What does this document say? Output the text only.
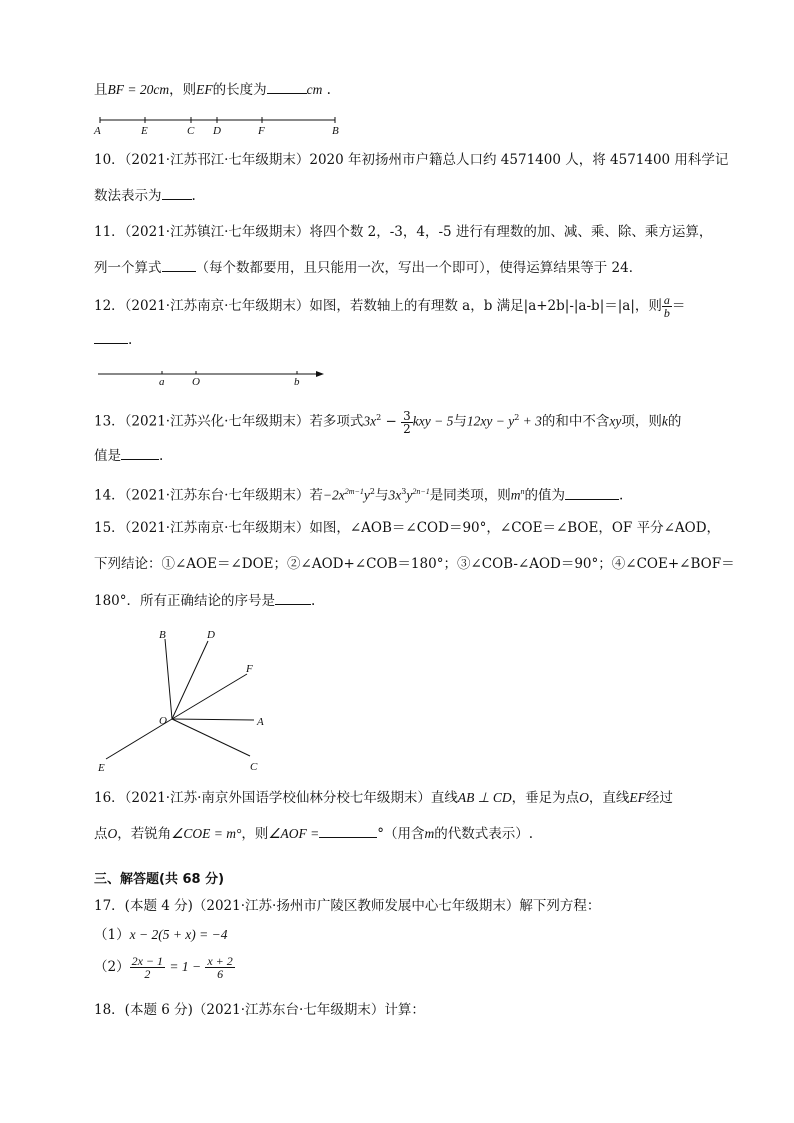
且BF = 20cm，则EF的长度为	cm .
A	E	C D	F	B
10．（2021·江苏邗江·七年级期末）2020 年初扬州市户籍总人口约 4571400 人，将 4571400 用科学记
数法表示为 .
11．（2021·江苏镇江·七年级期末）将四个数 2，-3，4，-5 进行有理数的加、减、乘、除、乘方运算，
列一个算式	（每个数都要用，且只能用一次，写出一个即可），使得运算结果等于 24．
12．（2021·江苏南京·七年级期末）如图，若数轴上的有理数 a，b 满足|a+2b|-|a-b|＝|a|，则 $\frac{a}{b}$ ＝
.
a	O	b
13．（2021·江苏兴化·七年级期末）若多项式$3x^2 - \frac{3}{2}$ kxy − 5与$12xy - y^2 + 3$的和中不含xy项，则k的
值是	.
14．（2021·江苏东台·七年级期末）若$-2x^{2m-1}y^2$与$3x^3y^{2n-1}$是同类项，则$m^n$的值为	.
15．（2021·江苏南京·七年级期末）如图，∠AOB＝∠COD＝90°，∠COE＝∠BOE，OF 平分∠AOD，
下列结论：①∠AOE＝∠DOE；②∠AOD+∠COB＝180°；③∠COB-∠AOD＝90°；④∠COE+∠BOF＝
180°．所有正确结论的序号是	.
B	D
F
O	A
E	C
16．（2021·江苏·南京外国语学校仙林分校七年级期末）直线AB ⊥ CD，垂足为点O，直线EF经过
点O，若锐角∠COE = m°，则∠AOF =	°（用含m的代数式表示）.
三、解答题(共 68 分)
17．(本题 4 分)（2021·江苏·扬州市广陵区教师发展中心七年级期末）解下列方程：
（1）x − 2(5 + x) = −4
$(2) \frac{2x - 1}{2} = 1 - \frac{x + 2}{6}$
18．(本题 6 分)（2021·江苏东台·七年级期末）计算：
